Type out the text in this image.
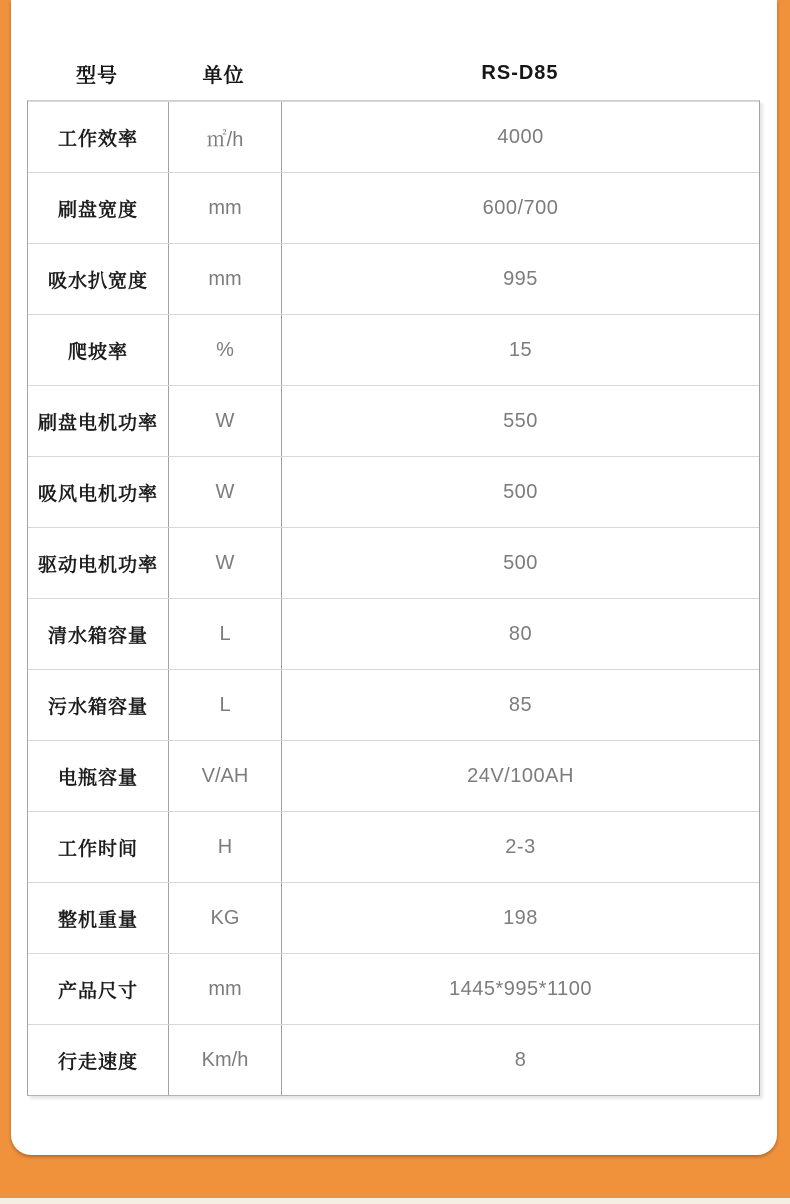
型号	单位	RS-D85
工作效率	㎡/h	4000
刷盘宽度	mm	600/700
吸水扒宽度	mm	995
爬坡率	%	15
刷盘电机功率	W	550
吸风电机功率	W	500
驱动电机功率	W	500
清水箱容量	L	80
污水箱容量	L	85
电瓶容量	V/AH	24V/100AH
工作时间	H	2-3
整机重量	KG	198
产品尺寸	mm	1445*995*1100
行走速度	Km/h	8
